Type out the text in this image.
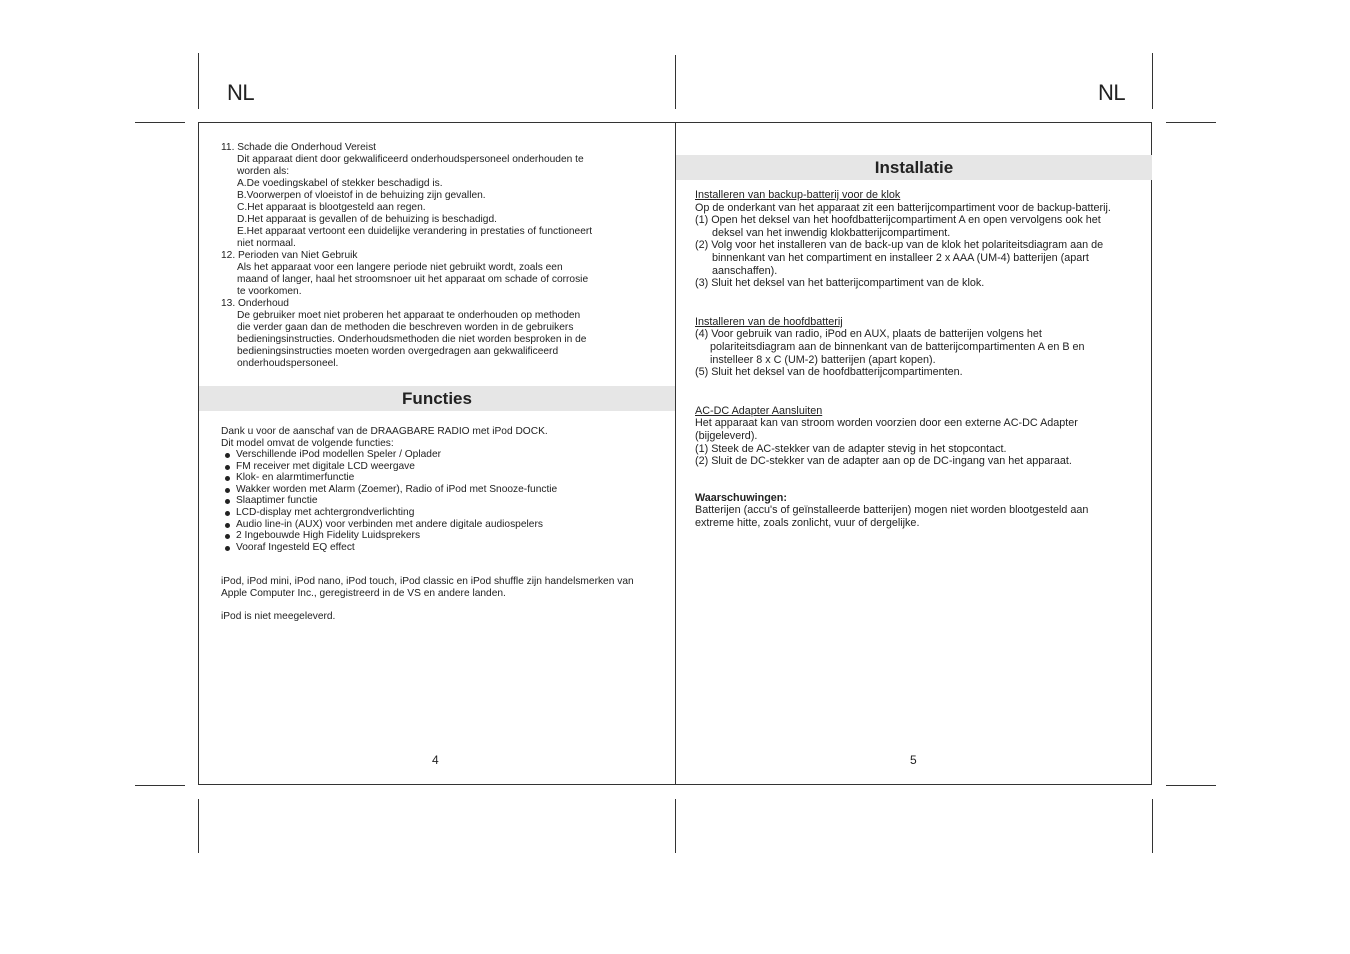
NL	NL
11. Schade die Onderhoud Vereist
Dit apparaat dient door gekwalificeerd onderhoudspersoneel onderhouden te
worden als:
A.De voedingskabel of stekker beschadigd is.
B.Voorwerpen of vloeistof in de behuizing zijn gevallen.
C.Het apparaat is blootgesteld aan regen.
D.Het apparaat is gevallen of de behuizing is beschadigd.
E.Het apparaat vertoont een duidelijke verandering in prestaties of functioneert
niet normaal.
12. Perioden van Niet Gebruik
Als het apparaat voor een langere periode niet gebruikt wordt, zoals een
maand of langer, haal het stroomsnoer uit het apparaat om schade of corrosie
te voorkomen.
13. Onderhoud
De gebruiker moet niet proberen het apparaat te onderhouden op methoden
die verder gaan dan de methoden die beschreven worden in de gebruikers
bedieningsinstructies. Onderhoudsmethoden die niet worden besproken in de
bedieningsinstructies moeten worden overgedragen aan gekwalificeerd
onderhoudspersoneel.
Functies
Dank u voor de aanschaf van de DRAAGBARE RADIO met iPod DOCK.
Dit model omvat de volgende functies:
Verschillende iPod modellen Speler / Oplader
FM receiver met digitale LCD weergave
Klok- en alarmtimerfunctie
Wakker worden met Alarm (Zoemer), Radio of iPod met Snooze-functie
Slaaptimer functie
LCD-display met achtergrondverlichting
Audio line-in (AUX) voor verbinden met andere digitale audiospelers
2 Ingebouwde High Fidelity Luidsprekers
Vooraf Ingesteld EQ effect
iPod, iPod mini, iPod nano, iPod touch, iPod classic en iPod shuffle zijn handelsmerken van
Apple Computer Inc., geregistreerd in de VS en andere landen.
iPod is niet meegeleverd.
4
Installatie
Installeren van backup-batterij voor de klok
Op de onderkant van het apparaat zit een batterijcompartiment voor de backup-batterij.
(1) Open het deksel van het hoofdbatterijcompartiment A en open vervolgens ook het
deksel van het inwendig klokbatterijcompartiment.
(2) Volg voor het installeren van de back-up van de klok het polariteitsdiagram aan de
binnenkant van het compartiment en installeer 2 x AAA (UM-4) batterijen (apart
aanschaffen).
(3) Sluit het deksel van het batterijcompartiment van de klok.
Installeren van de hoofdbatterij
(4) Voor gebruik van radio, iPod en AUX, plaats de batterijen volgens het
polariteitsdiagram aan de binnenkant van de batterijcompartimenten A en B en
instelleer 8 x C (UM-2) batterijen (apart kopen).
(5) Sluit het deksel van de hoofdbatterijcompartimenten.
AC-DC Adapter Aansluiten
Het apparaat kan van stroom worden voorzien door een externe AC-DC Adapter
(bijgeleverd).
(1) Steek de AC-stekker van de adapter stevig in het stopcontact.
(2) Sluit de DC-stekker van de adapter aan op de DC-ingang van het apparaat.
Waarschuwingen:
Batterijen (accu's of geïnstalleerde batterijen) mogen niet worden blootgesteld aan
extreme hitte, zoals zonlicht, vuur of dergelijke.
5
